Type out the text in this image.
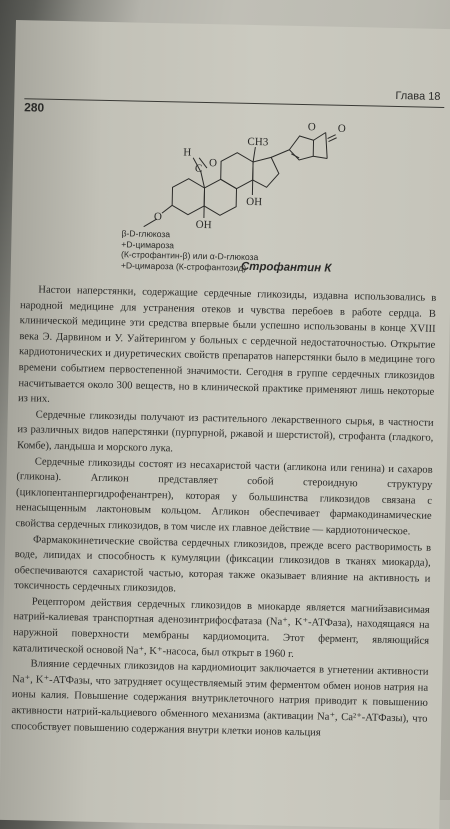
Глава 18
280
O O
H
C O
CH3
OH
OH
O
β-D-глюкоза
+D-цимароза
(К-строфантин-β) или α-D-глюкоза
+D-цимароза (К-строфантозид)
Строфантин К

Настои наперстянки, содержащие сердечные гликозиды, издавна использовались в народной медицине для устранения отеков и чувства перебоев в работе сердца. В клинической медицине эти средства впервые были успешно использованы в конце XVIII века Э. Дарвином и У. Уайтерингом у больных с сердечной недостаточностью. Открытие кардиотонических и диуретических свойств препаратов наперстянки было в медицине того времени событием первостепенной значимости. Сегодня в группе сердечных гликозидов насчитывается около 300 веществ, но в клинической практике применяют лишь некоторые из них.

Сердечные гликозиды получают из растительного лекарственного сырья, в частности из различных видов наперстянки (пурпурной, ржавой и шерстистой), строфанта (гладкого, Комбе), ландыша и морского лука.

Сердечные гликозиды состоят из несахаристой части (агликона или генина) и сахаров (гликона). Агликон представляет собой стероидную структуру (циклопентанпергидрофенантрен), которая у большинства гликозидов связана с ненасыщенным лактоновым кольцом. Агликон обеспечивает фармакодинамические свойства сердечных гликозидов, в том числе их главное действие — кардиотоническое.

Фармакокинетические свойства сердечных гликозидов, прежде всего растворимость в воде, липидах и способность к кумуляции (фиксации гликозидов в тканях миокарда), обеспечиваются сахаристой частью, которая также оказывает влияние на активность и токсичность сердечных гликозидов.

Рецептором действия сердечных гликозидов в миокарде является магнийзависимая натрий-калиевая транспортная аденозинтрифосфатаза (Na⁺, K⁺-АТФаза), находящаяся на наружной поверхности мембраны кардиомоцита. Этот фермент, являющийся каталитической основой Na⁺, K⁺-насоса, был открыт в 1960 г.

Влияние сердечных гликозидов на кардиомиоцит заключается в угнетении активности Na⁺, K⁺-АТФазы, что затрудняет осуществляемый этим ферментом обмен ионов натрия на ионы калия. Повышение содержания внутриклеточного натрия приводит к повышению активности натрий-кальциевого обменного механизма (активации Na⁺, Ca²⁺-АТФазы), что способствует повышению содержания внутри клетки ионов кальция
